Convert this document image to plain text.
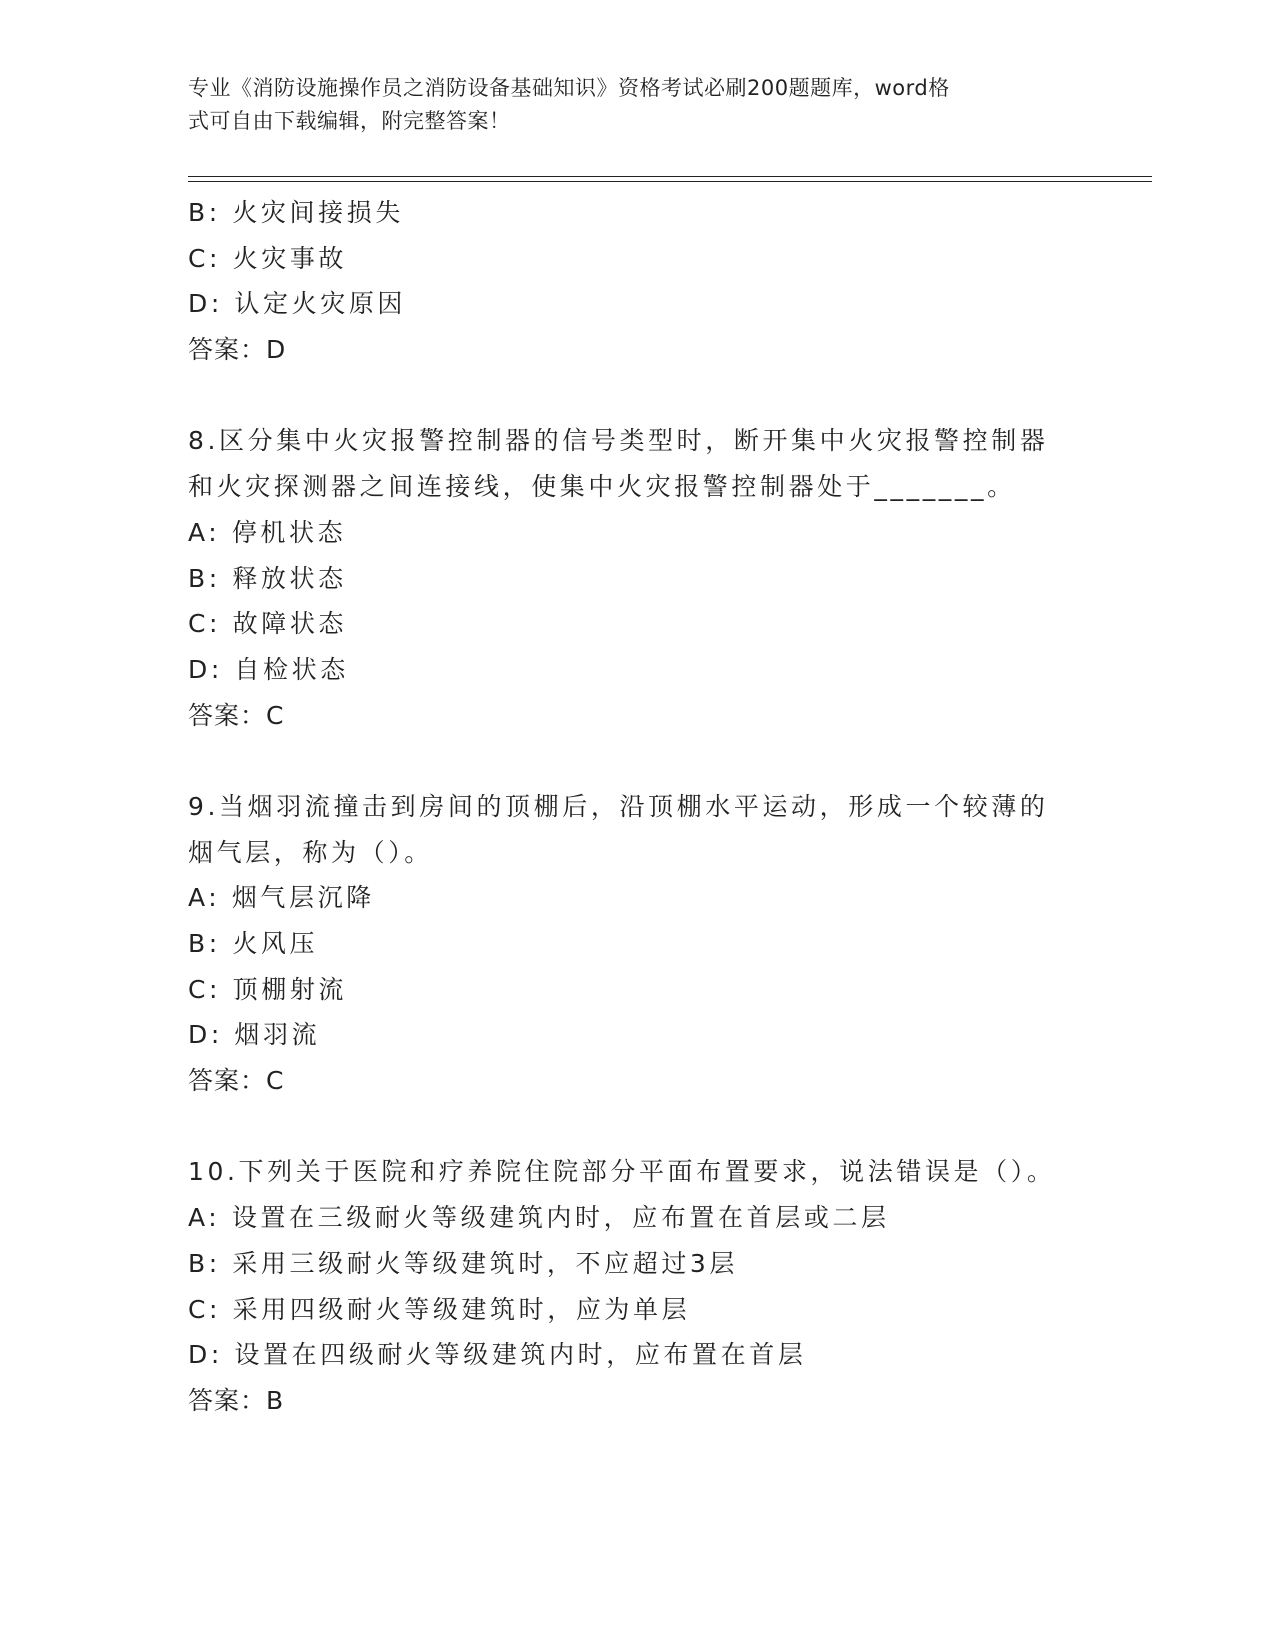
专业《消防设施操作员之消防设备基础知识》资格考试必刷200题题库，word格
式可自由下载编辑，附完整答案！
B: 火灾间接损失
C: 火灾事故
D: 认定火灾原因
答案：D
8.区分集中火灾报警控制器的信号类型时，断开集中火灾报警控制器
和火灾探测器之间连接线，使集中火灾报警控制器处于_______。
A: 停机状态
B: 释放状态
C: 故障状态
D: 自检状态
答案：C
9.当烟羽流撞击到房间的顶棚后，沿顶棚水平运动，形成一个较薄的
烟气层，称为（）。
A: 烟气层沉降
B: 火风压
C: 顶棚射流
D: 烟羽流
答案：C
10.下列关于医院和疗养院住院部分平面布置要求，说法错误是（）。
A: 设置在三级耐火等级建筑内时，应布置在首层或二层
B: 采用三级耐火等级建筑时，不应超过3层
C: 采用四级耐火等级建筑时，应为单层
D: 设置在四级耐火等级建筑内时，应布置在首层
答案：B
